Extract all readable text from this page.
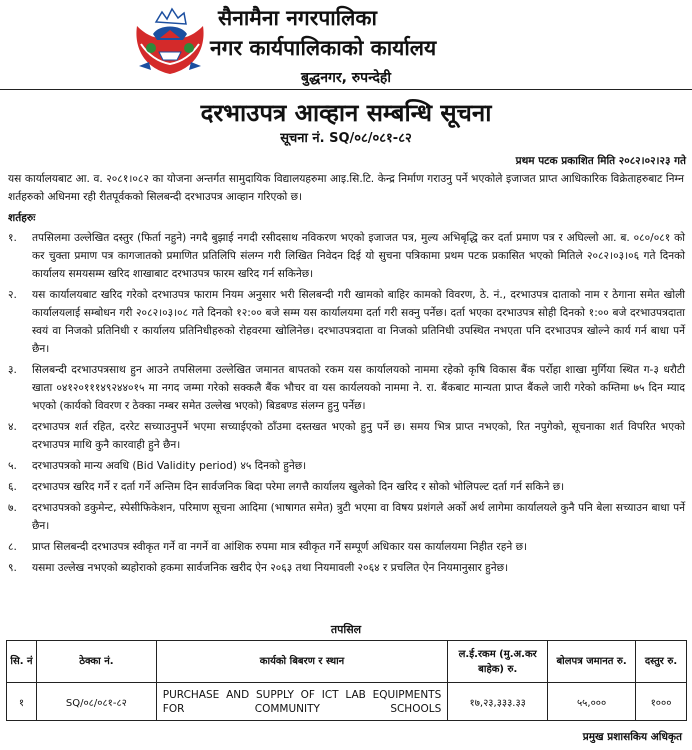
सैनामैना नगरपालिका
नगर कार्यपालिकाको कार्यालय
बुद्धनगर, रुपन्देही
दरभाउपत्र आव्हान सम्बन्धि सूचना
सूचना नं. SQ/०८/०८१-८२
प्रथम पटक प्रकाशित मिति २०८२।०२।२३ गते
यस कार्यालयबाट आ. व. २०८१।०८२ का योजना अन्तर्गत सामुदायिक विद्यालयहरुमा आइ.सि.टि. केन्द्र निर्माण गराउनु पर्ने भएकोले इजाजत प्राप्त आधिकारिक विक्रेताहरुबाट निम्न शर्तहरुको अधिनमा रही रीतपूर्वकको सिलबन्दी दरभाउपत्र आव्हान गरिएको छ।
शर्तहरुः
१.	तपसिलमा उल्लेखित दस्तुर (फिर्ता नहुने) नगदै बुझाई नगदी रसीदसाथ नविकरण भएको इजाजत पत्र, मुल्य अभिबृद्धि कर दर्ता प्रमाण पत्र र अघिल्लो आ. ब. ०८०/०८१ को कर चुक्ता प्रमाण पत्र कागजातको प्रमाणित प्रतिलिपि संलग्न गरी लिखित निवेदन दिई यो सुचना पत्रिकामा प्रथम पटक प्रकासित भएको मितिले २०८२।०३।०६ गते दिनको कार्यालय समयसम्म खरिद शाखाबाट दरभाउपत्र फारम खरिद गर्न सकिनेछ।
२.	यस कार्यालयबाट खरिद गरेको दरभाउपत्र फाराम नियम अनुसार भरी सिलबन्दी गरी खामको बाहिर कामको विवरण, ठे. नं., दरभाउपत्र दाताको नाम र ठेगाना समेत खोली कार्यालयलाई सम्बोधन गरी २०८२।०३।०८ गते दिनको १२:०० बजे सम्म यस कार्यालयमा दर्ता गरी सक्नु पर्नेछ। दर्ता भएका दरभाउपत्र सोही दिनको १:०० बजे दरभाउपत्रदाता स्वयं वा निजको प्रतिनिधी र कार्यालय प्रतिनिधीहरुको रोहवरमा खोलिनेछ। दरभाउपत्रदाता वा निजको प्रतिनिधी उपस्थित नभएता पनि दरभाउपत्र खोल्ने कार्य गर्न बाधा पर्ने छैन।
३.	सिलबन्दी दरभाउपत्रसाथ हुन आउने तपसिलमा उल्लेखित जमानत बापतको रकम यस कार्यालयको नाममा रहेको कृषि विकास बैंक पर्रोहा शाखा मुर्गिया स्थित ग-३ धरौटी खाता ०४१२०१११४९२४४०१५ मा नगद जम्मा गरेको सक्कलै बैंक भौचर वा यस कार्यलयको नाममा ने. रा. बैंकबाट मान्यता प्राप्त बैंकले जारी गरेको कम्तिमा ७५ दिन म्याद भएको (कार्यको विवरण र ठेक्का नम्बर समेत उल्लेख भएको) बिडबण्ड संलग्न हुनु पर्नेछ।
४.	दरभाउपत्र शर्त रहित, दररेट सच्याउनुपर्ने भएमा सच्याईएको ठाँउमा दस्तखत भएको हुनु पर्ने छ। समय भित्र प्राप्त नभएको, रित नपुगेको, सूचनाका शर्त विपरित भएको दरभाउपत्र माथि कुनै कारवाही हुने छैन।
५.	दरभाउपत्रको मान्य अवधि (Bid Validity period) ४५ दिनको हुनेछ।
६.	दरभाउपत्र खरिद गर्ने र दर्ता गर्ने अन्तिम दिन सार्वजनिक बिदा परेमा लगत्तै कार्यालय खुलेको दिन खरिद र सोको भोलिपल्ट दर्ता गर्न सकिने छ।
७.	दरभाउपत्रको डकुमेन्ट, स्पेसीफिकेशन, परिमाण सूचना आदिमा (भाषागत समेत) त्रुटी भएमा वा विषय प्रशंगले अर्को अर्थ लागेमा कार्यालयले कुनै पनि बेला सच्याउन बाधा पर्ने छैन।
८.	प्राप्त सिलबन्दी दरभाउपत्र स्वीकृत गर्ने वा नगर्ने वा आंशिक रुपमा मात्र स्वीकृत गर्ने सम्पूर्ण अधिकार यस कार्यालयमा निहीत रहने छ।
९.	यसमा उल्लेख नभएको ब्यहोराको हकमा सार्वजनिक खरीद ऐन २०६३ तथा नियमावली २०६४ र प्रचलित ऐन नियमानुसार हुनेछ।
तपसिल
सि. नं	ठेक्का नं.	कार्यको बिबरण र स्थान	ल.ई.रकम (मु.अ.कर बाहेक) रु.	बोलपत्र जमानत रु.	दस्तुर रु.
१	SQ/०८/०८१-८२	PURCHASE AND SUPPLY OF ICT LAB EQUIPMENTS FOR COMMUNITY SCHOOLS	१७,२३,३३३.३३	५५,०००	१०००
प्रमुख प्रशासकिय अधिकृत
